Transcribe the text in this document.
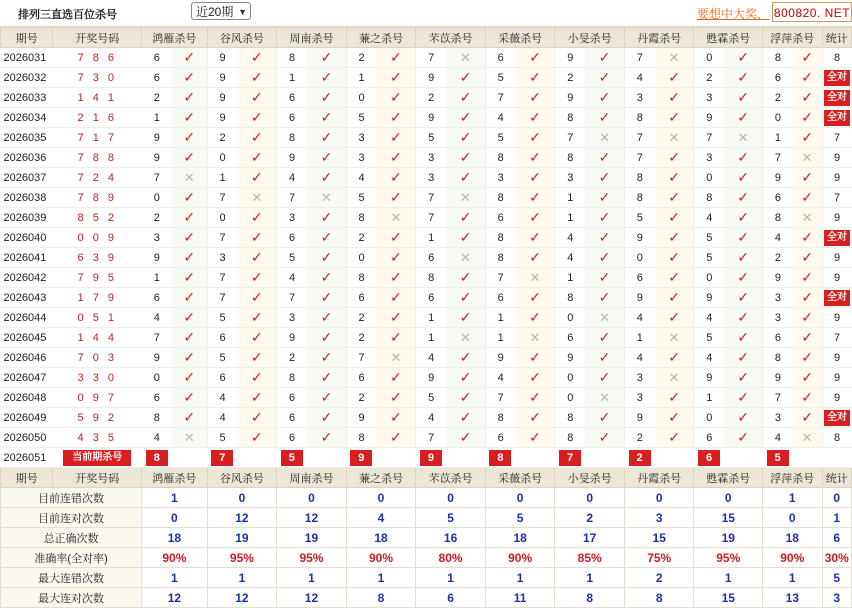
排列三直选百位杀号	近20期 ▼	要想中大奖， 800820. NET
期号	开奖号码	鸿雁杀号		谷风杀号		周南杀号		蒹之杀号		芣苡杀号		采薇杀号		小旻杀号		丹霞杀号		甦霖杀号		浮萍杀号		统计
2026031	7 8 6	6	✓	9	✓	8	✓	2	✓	7	✕	6	✓	9	✓	7	✕	0	✓	8	✓	8
2026032	7 3 0	6	✓	9	✓	1	✓	1	✓	9	✓	5	✓	2	✓	4	✓	2	✓	6	✓	全对
2026033	1 4 1	2	✓	9	✓	6	✓	0	✓	2	✓	7	✓	9	✓	3	✓	3	✓	2	✓	全对
2026034	2 1 6	1	✓	9	✓	6	✓	5	✓	9	✓	4	✓	8	✓	8	✓	9	✓	0	✓	全对
2026035	7 1 7	9	✓	2	✓	8	✓	3	✓	5	✓	5	✓	7	✕	7	✕	7	✕	1	✓	7
2026036	7 8 8	9	✓	0	✓	9	✓	3	✓	3	✓	8	✓	8	✓	7	✓	3	✓	7	✕	9
2026037	7 2 4	7	✕	1	✓	4	✓	4	✓	3	✓	3	✓	3	✓	8	✓	0	✓	9	✓	9
2026038	7 8 9	0	✓	7	✕	7	✕	5	✓	7	✕	8	✓	1	✓	8	✓	8	✓	6	✓	7
2026039	8 5 2	2	✓	0	✓	3	✓	8	✕	7	✓	6	✓	1	✓	5	✓	4	✓	8	✕	9
2026040	0 0 9	3	✓	7	✓	6	✓	2	✓	1	✓	8	✓	4	✓	9	✓	5	✓	4	✓	全对
2026041	6 3 9	9	✓	3	✓	5	✓	0	✓	6	✕	8	✓	4	✓	0	✓	5	✓	2	✓	9
2026042	7 9 5	1	✓	7	✓	4	✓	8	✓	8	✓	7	✕	1	✓	6	✓	0	✓	9	✓	9
2026043	1 7 9	6	✓	7	✓	7	✓	6	✓	6	✓	6	✓	8	✓	9	✓	9	✓	3	✓	全对
2026044	0 5 1	4	✓	5	✓	3	✓	2	✓	1	✓	1	✓	0	✕	4	✓	4	✓	3	✓	9
2026045	1 4 4	7	✓	6	✓	9	✓	2	✓	1	✕	1	✕	6	✓	1	✕	5	✓	6	✓	7
2026046	7 0 3	9	✓	5	✓	2	✓	7	✕	4	✓	9	✓	9	✓	4	✓	4	✓	8	✓	9
2026047	3 3 0	0	✓	6	✓	8	✓	6	✓	9	✓	4	✓	0	✓	3	✕	9	✓	9	✓	9
2026048	0 9 7	6	✓	4	✓	6	✓	2	✓	5	✓	7	✓	0	✕	3	✓	1	✓	7	✓	9
2026049	5 9 2	8	✓	4	✓	6	✓	9	✓	4	✓	8	✓	8	✓	9	✓	0	✓	3	✓	全对
2026050	4 3 5	4	✕	5	✓	6	✓	8	✓	7	✓	6	✓	8	✓	2	✓	6	✓	4	✕	8
2026051	当前期杀号	8		7		5		9		9		8		7		2		6		5		
期号	开奖号码	鸿雁杀号		谷风杀号		周南杀号		蒹之杀号		芣苡杀号		采薇杀号		小旻杀号		丹霞杀号		甦霖杀号		浮萍杀号		统计
目前连错次数		1		0		0		0		0		0		0		0		0		1		0
目前连对次数		0		12		12		4		5		5		2		3		15		0		1
总正确次数		18		19		19		18		16		18		17		15		19		18		6
准确率(全对率)		90%		95%		95%		90%		80%		90%		85%		75%		95%		90%		30%
最大连错次数		1		1		1		1		1		1		1		2		1		1		5
最大连对次数		12		12		12		8		6		11		8		8		15		13		3
